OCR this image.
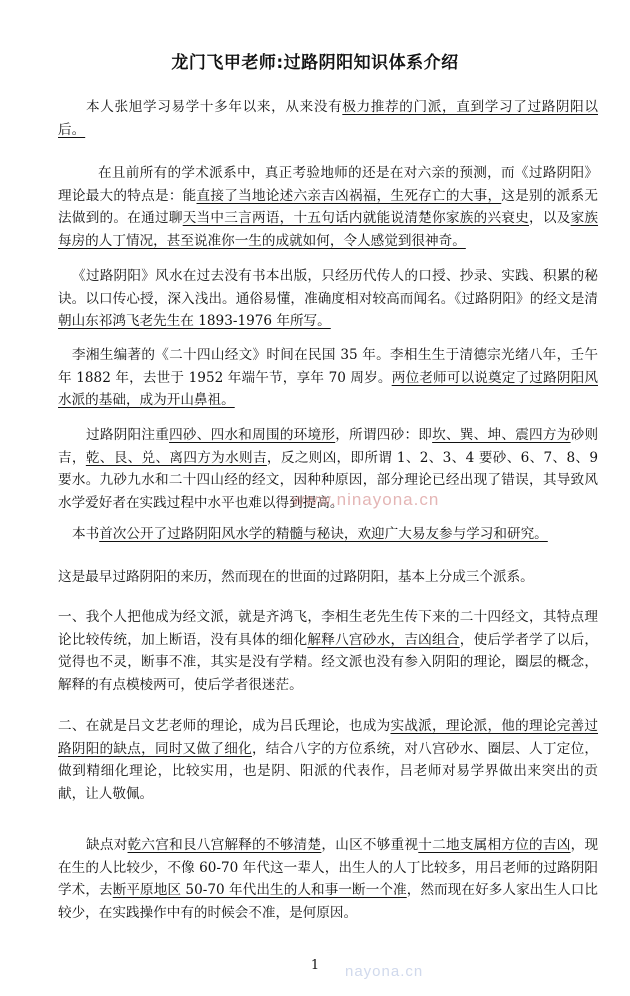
龙门飞甲老师:过路阴阳知识体系介绍
本人张旭学习易学十多年以来，从来没有极力推荐的门派，直到学习了过路阴阳以后。
在且前所有的学术派系中，真正考验地师的还是在对六亲的预测，而《过路阴阳》理论最大的特点是：能直接了当地论述六亲吉凶祸福，生死存亡的大事，这是别的派系无法做到的。在通过聊天当中三言两语，十五句话内就能说清楚你家族的兴衰史，以及家族每房的人丁情况，甚至说准你一生的成就如何，令人感觉到很神奇。
《过路阴阳》风水在过去没有书本出版，只经历代传人的口授、抄录、实践、积累的秘诀。以口传心授，深入浅出。通俗易懂，准确度相对较高而闻名。《过路阴阳》的经文是清朝山东祁鸿飞老先生在 1893-1976 年所写。
李湘生编著的《二十四山经文》时间在民国 35 年。李相生生于清德宗光绪八年，壬午年 1882 年，去世于 1952 年端午节，享年 70 周岁。两位老师可以说奠定了过路阴阳风水派的基础，成为开山鼻祖。
过路阴阳注重四砂、四水和周围的环境形，所谓四砂：即坎、巽、坤、震四方为砂则吉，乾、艮、兑、离四方为水则吉，反之则凶，即所谓 1、2、3、4 要砂、6、7、8、9 要水。九砂九水和二十四山经的经文，因种种原因，部分理论已经出现了错误，其导致风水学爱好者在实践过程中水平也难以得到提高。
本书首次公开了过路阴阳风水学的精髓与秘诀，欢迎广大易友参与学习和研究。
这是最早过路阴阳的来历，然而现在的世面的过路阴阳，基本上分成三个派系。
一、我个人把他成为经文派，就是齐鸿飞，李相生老先生传下来的二十四经文，其特点理论比较传统，加上断语，没有具体的细化解释八宫砂水，吉凶组合，使后学者学了以后，觉得也不灵，断事不准，其实是没有学精。经文派也没有参入阴阳的理论，圈层的概念，解释的有点模棱两可，使后学者很迷茫。
二、在就是吕文艺老师的理论，成为吕氏理论，也成为实战派，理论派，他的理论完善过路阴阳的缺点，同时又做了细化，结合八字的方位系统，对八宫砂水、圈层、人丁定位，做到精细化理论，比较实用，也是阴、阳派的代表作，吕老师对易学界做出来突出的贡献，让人敬佩。
缺点对乾六宫和艮八宫解释的不够清楚，山区不够重视十二地支属相方位的吉凶，现在生的人比较少，不像 60-70 年代这一辈人，出生人的人丁比较多，用吕老师的过路阴阳学术，去断平原地区 50-70 年代出生的人和事一断一个准，然而现在好多人家出生人口比较少，在实践操作中有的时候会不准，是何原因。
www.ninayona.cn
nayona.cn
1
